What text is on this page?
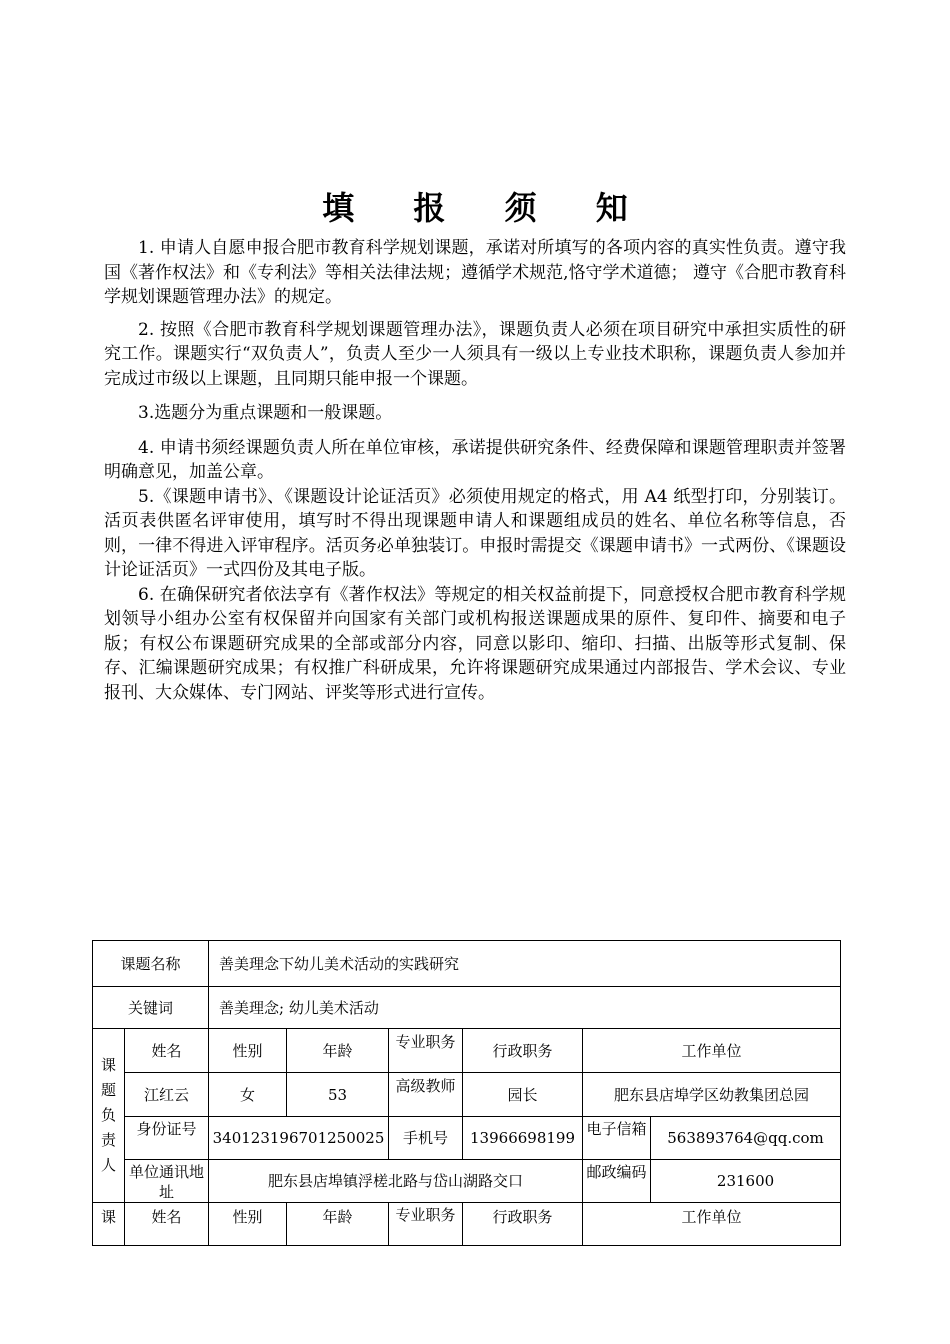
填 报 须 知

1. 申请人自愿申报合肥市教育科学规划课题，承诺对所填写的各项内容的真实性负责。遵守我国《著作权法》和《专利法》等相关法律法规；遵循学术规范,恪守学术道德； 遵守《合肥市教育科学规划课题管理办法》的规定。

2. 按照《合肥市教育科学规划课题管理办法》，课题负责人必须在项目研究中承担实质性的研究工作。课题实行“双负责人”，负责人至少一人须具有一级以上专业技术职称，课题负责人参加并完成过市级以上课题，且同期只能申报一个课题。

3.选题分为重点课题和一般课题。

4. 申请书须经课题负责人所在单位审核，承诺提供研究条件、经费保障和课题管理职责并签署明确意见，加盖公章。

5.《课题申请书》、《课题设计论证活页》必须使用规定的格式，用 A4 纸型打印，分别装订。活页表供匿名评审使用，填写时不得出现课题申请人和课题组成员的姓名、单位名称等信息，否则，一律不得进入评审程序。活页务必单独装订。申报时需提交《课题申请书》一式两份、《课题设计论证活页》一式四份及其电子版。

6. 在确保研究者依法享有《著作权法》等规定的相关权益前提下，同意授权合肥市教育科学规划领导小组办公室有权保留并向国家有关部门或机构报送课题成果的原件、复印件、摘要和电子版；有权公布课题研究成果的全部或部分内容，同意以影印、缩印、扫描、出版等形式复制、保存、汇编课题研究成果；有权推广科研成果，允许将课题研究成果通过内部报告、学术会议、专业报刊、大众媒体、专门网站、评奖等形式进行宣传。

课题名称		善美理念下幼儿美术活动的实践研究					
关键词		善美理念; 幼儿美术活动					

课题负责人	姓名	性别	年龄	专业职务	行政职务	工作单位	
	江红云	女	53	高级教师	园长	肥东县店埠学区幼教集团总园	

	身份证号	340123196701250025		手机号	13966698199	电子信箱	563893764@qq.com

	单位通讯地址	肥东县店埠镇浮槎北路与岱山湖路交口				邮政编码	231600
课	姓名	性别	年龄	专业职务	行政职务	工作单位	
